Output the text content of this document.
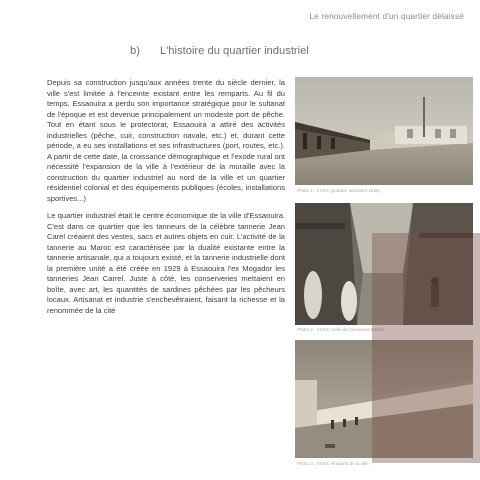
Le renouvellement d'un quartier délaissé
b) L'histoire du quartier industriel

Depuis sa construction jusqu'aux années trente du siècle dernier, la ville s'est limitée à l'enceinte existant entre les remparts. Au fil du temps, Essaouira a perdu son importance stratégique pour le sultanat de l'époque et est devenue principalement un modeste port de pêche. Tout en étant sous le protectorat, Essaouira a attiré des activités industrielles (pêche, cuir, construction navale, etc.) et, durant cette période, a eu ses installations et ses infrastructures (port, routes, etc.). A partir de cette date, la croissance démographique et l'exode rural ont nécessité l'expansion de la ville à l'extérieur de la muraille avec la construction du quartier industriel au nord de la ville et un quartier résidentiel colonial et des équipements publiques (écoles, installations sportives...)

Le quartier industriel était le centre économique de la ville d'Essaouira. C'est dans ce quartier que les tanneurs de la célèbre tannerie Jean Carel créaient des vestes, sacs et autres objets en cuir. L'activité de la tannerie au Maroc est caractérisée par la dualité existante entre la tannerie artisanale, qui a toujours existé, et la tannerie industrielle dont la première unité a été créée en 1929 à Essaouira l'ex Mogador les tanneries Jean Carrel. Juste à côté, les conserveries mettaient en boîte, avec art, les quantités de sardines pêchées par les pêcheurs locaux. Artisanat et industrie s'enchevêtraient, faisant la richesse et la renommée de la cité

Photo 1 : XXXX (quartier industriel 1930)
Photo 2 : XXXX ruelle de l'ancienne Mellah
Photo 3 : XXXX remparts de la ville
